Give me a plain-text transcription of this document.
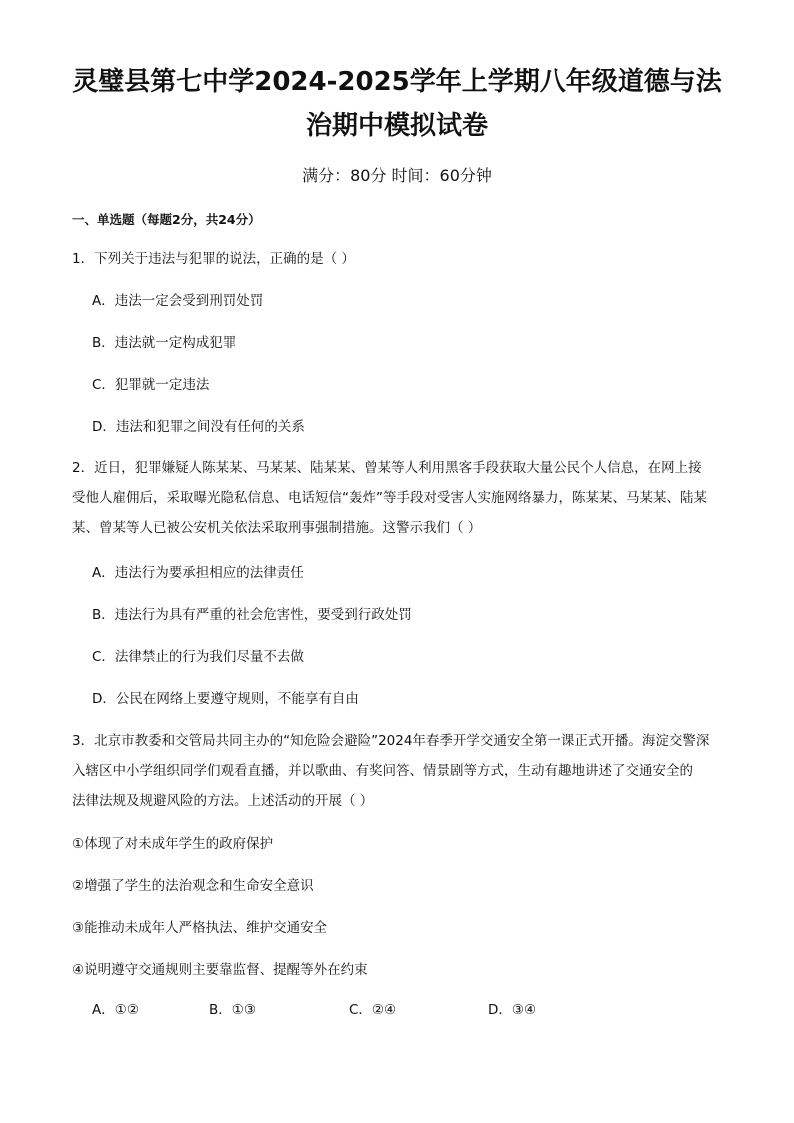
灵璧县第七中学2024-2025学年上学期八年级道德与法
治期中模拟试卷
满分：80分 时间：60分钟
一、单选题（每题2分，共24分）
1．下列关于违法与犯罪的说法，正确的是（ ）
A．违法一定会受到刑罚处罚
B．违法就一定构成犯罪
C．犯罪就一定违法
D．违法和犯罪之间没有任何的关系
2．近日，犯罪嫌疑人陈某某、马某某、陆某某、曾某等人利用黑客手段获取大量公民个人信息，在网上接
受他人雇佣后，采取曝光隐私信息、电话短信“轰炸”等手段对受害人实施网络暴力，陈某某、马某某、陆某
某、曾某等人已被公安机关依法采取刑事强制措施。这警示我们（ ）
A．违法行为要承担相应的法律责任
B．违法行为具有严重的社会危害性，要受到行政处罚
C．法律禁止的行为我们尽量不去做
D．公民在网络上要遵守规则，不能享有自由
3．北京市教委和交管局共同主办的“知危险会避险”2024年春季开学交通安全第一课正式开播。海淀交警深
入辖区中小学组织同学们观看直播，并以歌曲、有奖问答、情景剧等方式，生动有趣地讲述了交通安全的
法律法规及规避风险的方法。上述活动的开展（ ）
①体现了对未成年学生的政府保护
②增强了学生的法治观念和生命安全意识
③能推动未成年人严格执法、维护交通安全
④说明遵守交通规则主要靠监督、提醒等外在约束
A．①②	B．①③	C．②④	D．③④
